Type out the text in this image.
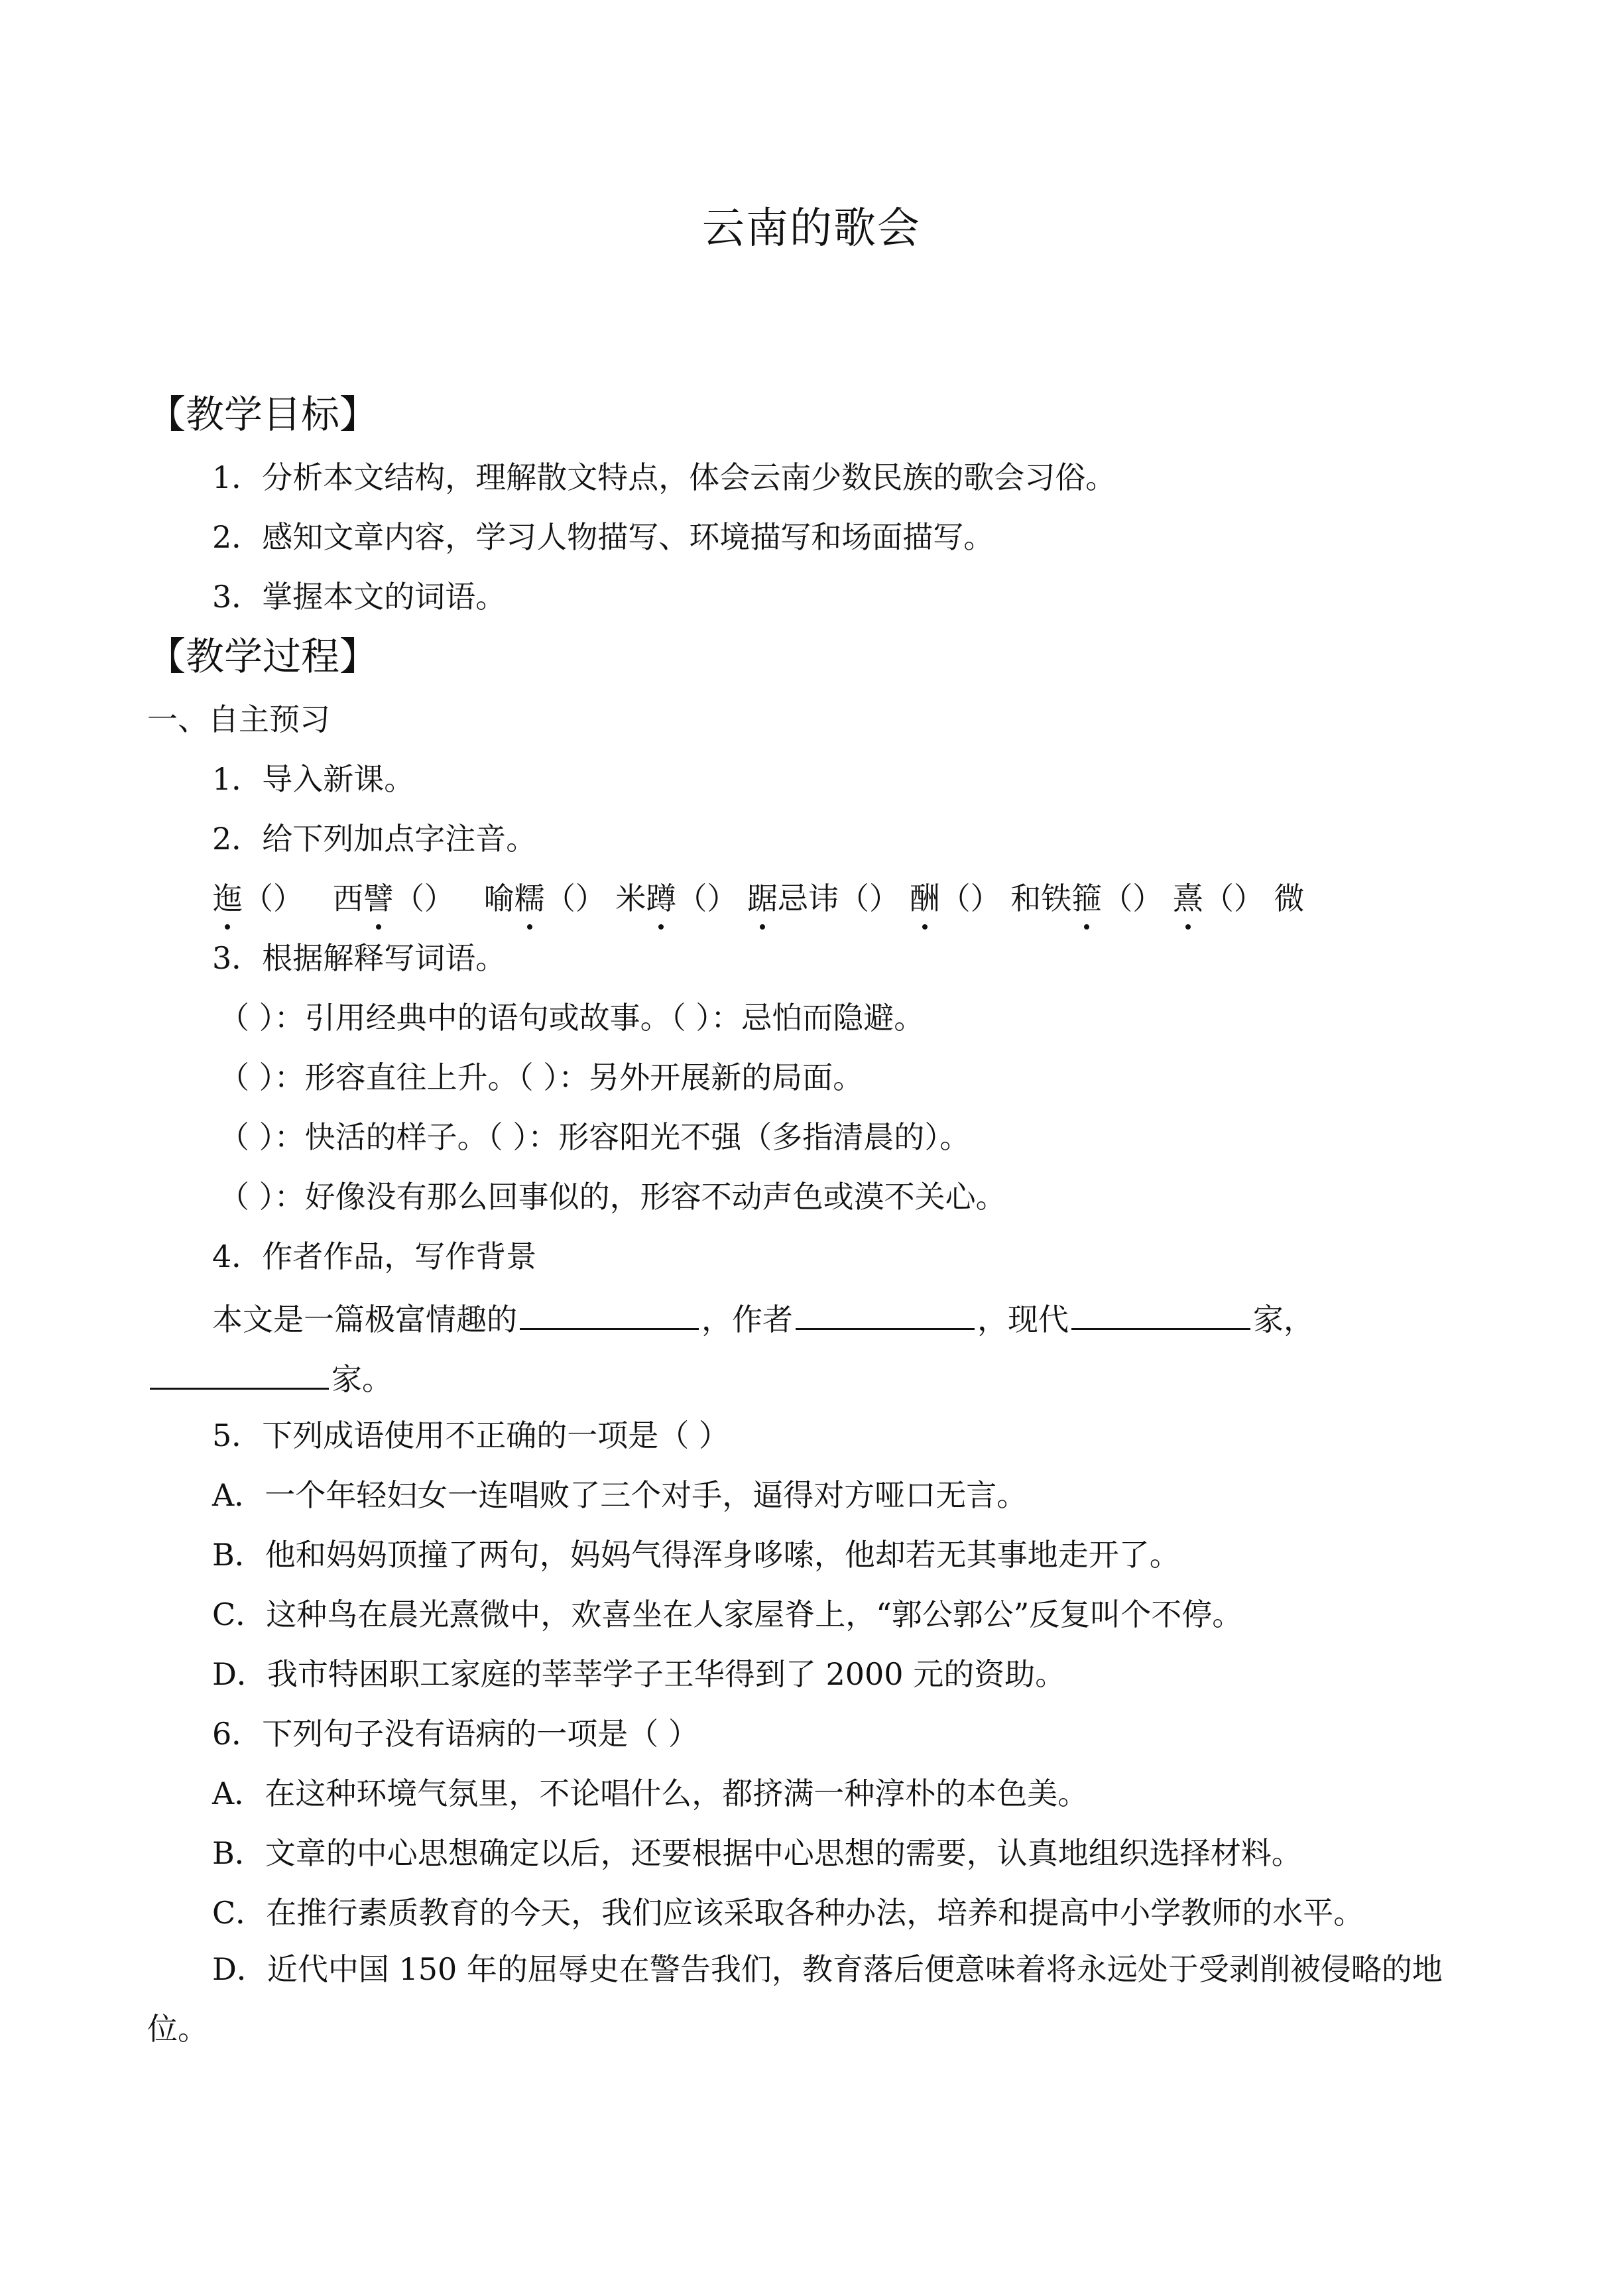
云南的歌会
【教学目标】
1．分析本文结构，理解散文特点，体会云南少数民族的歌会习俗。
2．感知文章内容，学习人物描写、环境描写和场面描写。
3．掌握本文的词语。
【教学过程】
一、自主预习
1．导入新课。
2．给下列加点字注音。
迤（） 西譬（） 喻糯（） 米蹲（） 踞忌讳（） 酬（） 和铁箍（） 熹（） 微
3．根据解释写词语。
（ ）：引用经典中的语句或故事。（ ）：忌怕而隐避。
（ ）：形容直往上升。（ ）：另外开展新的局面。
（ ）：快活的样子。（ ）：形容阳光不强（多指清晨的）。
（ ）：好像没有那么回事似的，形容不动声色或漠不关心。
4．作者作品，写作背景
本文是一篇极富情趣的	，作者	，现代	家，家。
5．下列成语使用不正确的一项是（ ）
A．一个年轻妇女一连唱败了三个对手，逼得对方哑口无言。
B．他和妈妈顶撞了两句，妈妈气得浑身哆嗦，他却若无其事地走开了。
C．这种鸟在晨光熹微中，欢喜坐在人家屋脊上，“郭公郭公”反复叫个不停。
D．我市特困职工家庭的莘莘学子王华得到了 2000 元的资助。
6．下列句子没有语病的一项是（ ）
A．在这种环境气氛里，不论唱什么，都挤满一种淳朴的本色美。
B．文章的中心思想确定以后，还要根据中心思想的需要，认真地组织选择材料。
C．在推行素质教育的今天，我们应该采取各种办法，培养和提高中小学教师的水平。
D．近代中国 150 年的屈辱史在警告我们，教育落后便意味着将永远处于受剥削被侵略的地位。
